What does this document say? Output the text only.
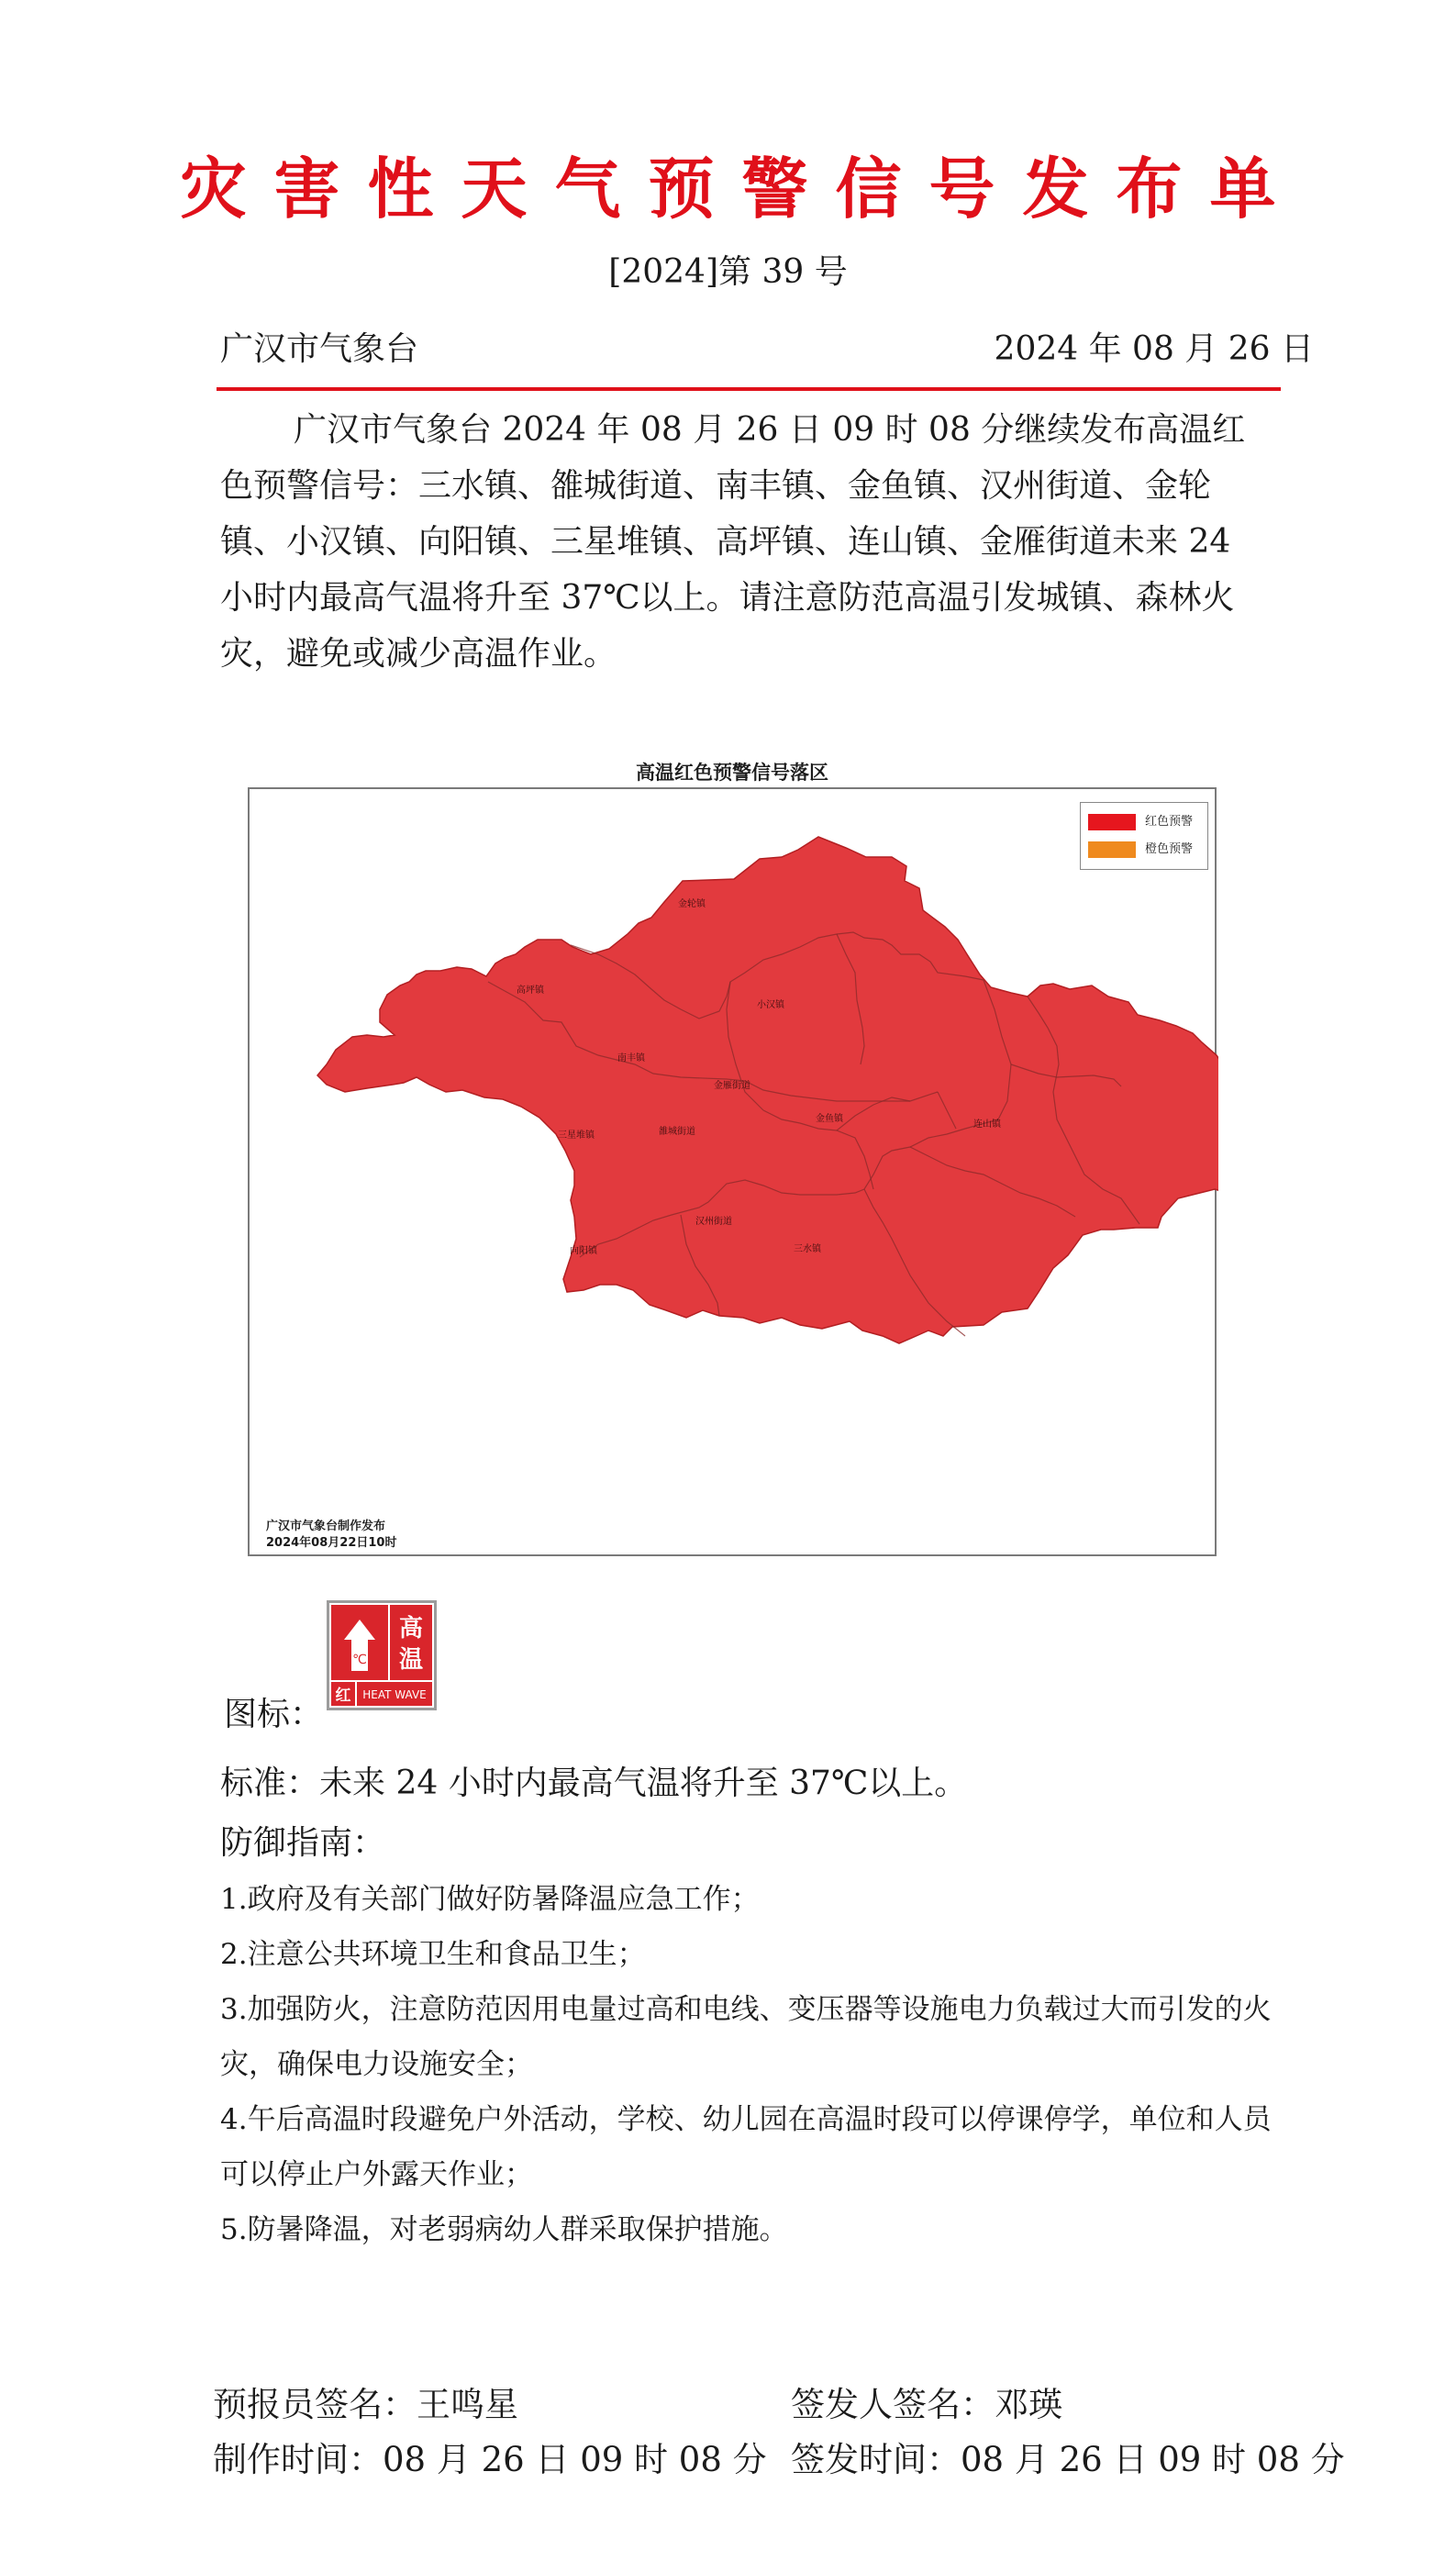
灾害性天气预警信号发布单
[2024]第 39 号
广汉市气象台	2024 年 08 月 26 日

广汉市气象台 2024 年 08 月 26 日 09 时 08 分继续发布高温红色预警信号：三水镇、雒城街道、南丰镇、金鱼镇、汉州街道、金轮镇、小汉镇、向阳镇、三星堆镇、高坪镇、连山镇、金雁街道未来 24 小时内最高气温将升至 37℃以上。请注意防范高温引发城镇、森林火灾，避免或减少高温作业。

高温红色预警信号落区
金轮镇
高坪镇
小汉镇
南丰镇
金雁街道
雒城街道
三星堆镇
金鱼镇
连山镇
汉州街道
向阳镇	三水镇
红色预警
橙色预警
广汉市气象台制作发布
2024年08月22日10时
图标：
℃
高
温
红 HEAT WAVE
标准：未来 24 小时内最高气温将升至 37℃以上。
防御指南：

1.政府及有关部门做好防暑降温应急工作；

2.注意公共环境卫生和食品卫生；

3.加强防火，注意防范因用电量过高和电线、变压器等设施电力负载过大而引发的火灾，确保电力设施安全；

4.午后高温时段避免户外活动，学校、幼儿园在高温时段可以停课停学，单位和人员可以停止户外露天作业；

5.防暑降温，对老弱病幼人群采取保护措施。

预报员签名：王鸣星	签发人签名：邓瑛
制作时间：08 月 26 日 09 时 08 分 签发时间：08 月 26 日 09 时 08 分
